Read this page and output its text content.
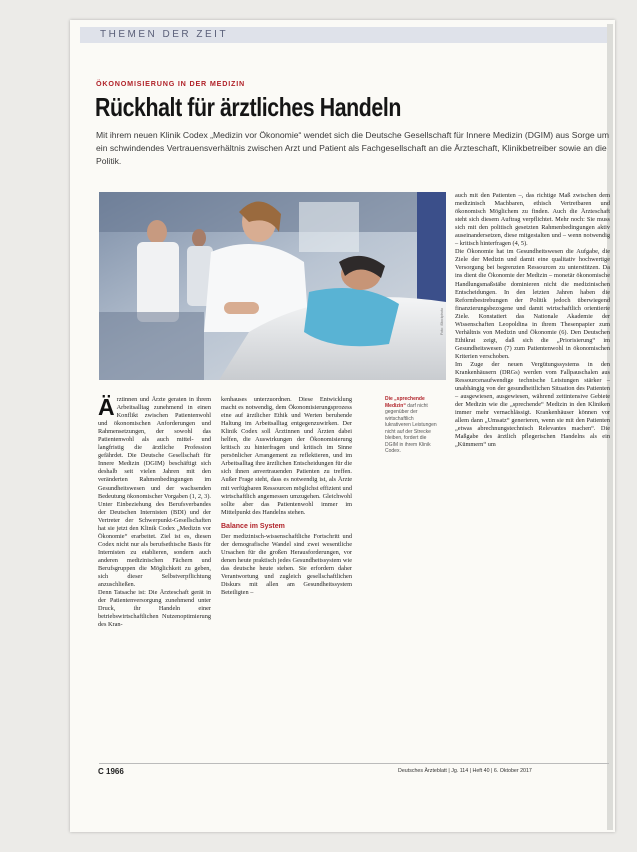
THEMEN DER ZEIT
ÖKONOMISIERUNG IN DER MEDIZIN
Rückhalt für ärztliches Handeln
Mit ihrem neuen Klinik Codex „Medizin vor Ökonomie“ wendet sich die Deutsche Gesellschaft für Innere Medizin (DGIM) aus Sorge um ein schwindendes Vertrauensverhältnis zwischen Arzt und Patient als Fachgesellschaft an die Ärzteschaft, Klinikbetreiber sowie an die Politik.
Foto: iStockphoto
Ä rztinnen und Ärzte geraten in ihrem Arbeitsalltag zunehmend in einen Konflikt zwischen Patientenwohl und ökonomischen Anforderungen und Rahmensetzungen, der sowohl das Patientenwohl als auch mittel- und langfristig die ärztliche Profession gefährdet. Die Deutsche Gesellschaft für Innere Medizin (DGIM) beschäftigt sich deshalb seit vielen Jahren mit den veränderten Rahmenbedingungen im Gesundheitswesen und der wachsenden Bedeutung ökonomischer Vorgaben (1, 2, 3). Unter Einbeziehung des Berufsverbandes der Deutschen Internisten (BDI) und der Vertreter der Schwerpunkt-Gesellschaften hat sie jetzt den Klinik Codex „Medizin vor Ökonomie“ erarbeitet. Ziel ist es, diesen Codex nicht nur als berufsethische Basis für Internisten zu etablieren, sondern auch anderen medizinischen Fächern und Berufsgruppen die Möglichkeit zu geben, sich dieser Selbstverpflichtung anzuschließen.

Denn Tatsache ist: Die Ärzteschaft gerät in der Patientenversorgung zunehmend unter Druck, ihr Handeln einer betriebswirtschaftlichen Nutzenoptimierung des Kran-

kenhauses unterzuordnen. Diese Entwicklung macht es notwendig, dem Ökonomisierungsprozess eine auf ärztlicher Ethik und Werten beruhende Haltung im Arbeitsalltag entgegenzuwirken. Der Klinik Codex soll Ärztinnen und Ärzten dabei helfen, die Auswirkungen der Ökonomisierung kritisch zu hinterfragen und kritisch im Sinne persönlicher Arrangement zu reflektieren, und im Arbeitsalltag ihre ärztlichen Entscheidungen für die sich ihnen anvertrauenden Patienten zu treffen. Außer Frage steht, dass es notwendig ist, als Ärzte mit verfügbaren Ressourcen möglichst effizient und wirtschaftlich angemessen umzugehen. Gleichwohl sollte aber das Patientenwohl immer im Mittelpunkt des Handelns stehen.

Balance im System

Der medizinisch-wissenschaftliche Fortschritt und der demografische Wandel sind zwei wesentliche Ursachen für die großen Herausforderungen, vor denen heute praktisch jedes Gesundheitssystem wie das deutsche heute stehen. Sie erfordern daher Verantwortung und zugleich gesellschaftlichen Diskurs mit allen am Gesundheitssystem Beteiligten –

Die „sprechende Medizin“ darf nicht gegenüber der wirtschaftlich lukrativeren Leistungen nicht auf der Strecke bleiben, fordert die DGIM in ihrem Klinik Codex.

auch mit den Patienten –, das richtige Maß zwischen dem medizinisch Machbaren, ethisch Vertretbaren und ökonomisch Möglichem zu finden. Auch die Ärzteschaft steht sich diesem Auftrag verpflichtet. Mehr noch: Sie muss sich mit den politisch gesetzten Rahmenbedingungen aktiv auseinandersetzen, diese mitgestalten und – wenn notwendig – kritisch hinterfragen (4, 5).

Die Ökonomie hat im Gesundheitswesen die Aufgabe, die Ziele der Medizin und damit eine qualitativ hochwertige Versorgung bei begrenzten Ressourcen zu unterstützen. Da ins dient die Ökonomie der Medizin – monetär ökonomische Handlungsmaßstäbe dominieren nicht die medizinischen Entscheidungen. In den letzten Jahren haben die Reformbestrebungen der Politik jedoch überwiegend finanzierungsbezogene und damit wirtschaftlich orientierte Ziele. Konstatiert das Nationale Akademie der Wissenschaften Leopoldina in ihrem Thesenpapier zum Verhältnis von Medizin und Ökonomie (6). Den Deutschen Ethikrat zeigt, daß sich die „Priorisierung“ im Gesundheitswesen (7) zum Patientenwohl in ökonomischen Kriterien verschoben.

Im Zuge der neuen Vergütungssystems in den Krankenhäusern (DRGs) werden vom Fallpauschalen aus Ressourcenaufwendige technische Leistungen stärker – unabhängig von der gesundheitlichen Situation des Patienten – ausgewiesen, ausgewiesen, während zeitintensive Gebiete der Medizin wie die „sprechende“ Medizin in den Kliniken immer mehr vernachlässigt. Krankenhäuser können vor allem dann „Umsatz“ generieren, wenn sie mit den Patienten „etwas abrechnungstechnisch Relevantes machen“. Die Maßgabe des ärztlich pflegerischen Handelns als ein „Kümmern“ um

C 1966	Deutsches Ärzteblatt | Jg. 114 | Heft 40 | 6. Oktober 2017
